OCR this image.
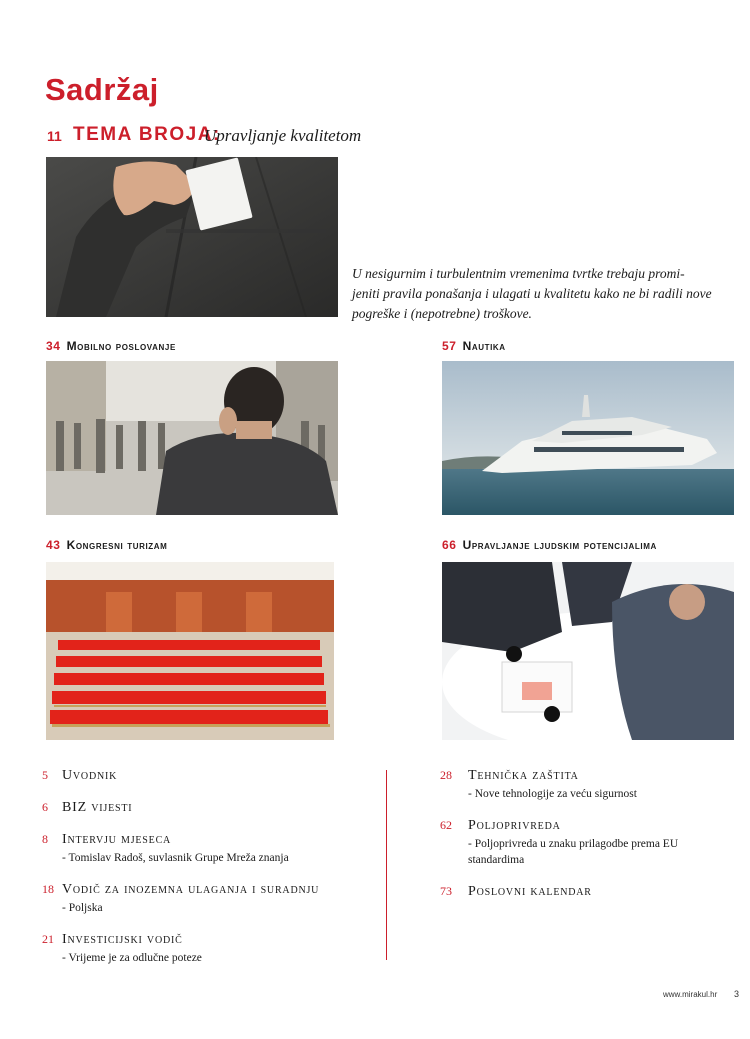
Sadržaj
11 TEMA BROJA:
Upravljanje kvalitetom
U nesigurnim i turbulentnim vremenima tvrtke trebaju promi-jeniti pravila ponašanja i ulagati u kvalitetu kako ne bi radili nove pogreške i (nepotrebne) troškove.
34 Mobilno poslovanje	57 Nautika
43 Kongresni turizam	66 Upravljanje ljudskim potencijalima
5 Uvodnik
6 BIZ vijesti
8 Intervju mjeseca
- Tomislav Radoš, suvlasnik Grupe Mreža znanja
18 Vodič za inozemna ulaganja i suradnju
- Poljska
21 Investicijski vodič
- Vrijeme je za odlučne poteze
28 Tehnička zaštita
- Nove tehnologije za veću sigurnost
62 Poljoprivreda
- Poljoprivreda u znaku prilagodbe prema EU standardima
73 Poslovni kalendar
www.mirakul.hr 3
